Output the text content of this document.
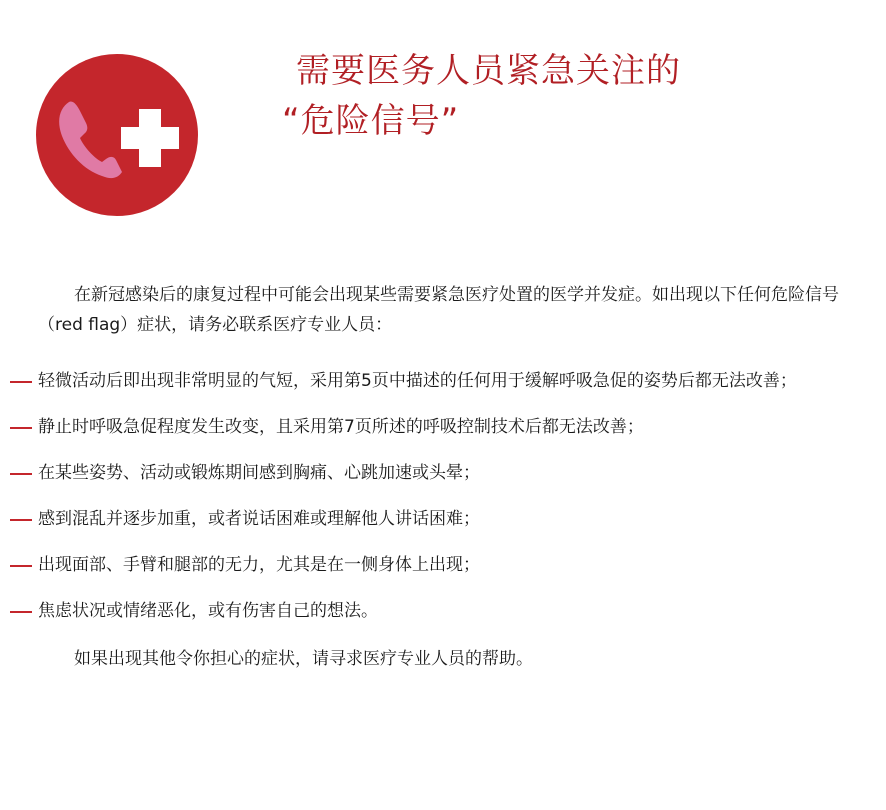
需要医务人员紧急关注的
“危险信号”
在新冠感染后的康复过程中可能会出现某些需要紧急医疗处置的医学并发症。如出现以下任何危险信号（red flag）症状，请务必联系医疗专业人员：
轻微活动后即出现非常明显的气短，采用第5页中描述的任何用于缓解呼吸急促的姿势后都无法改善；
静止时呼吸急促程度发生改变，且采用第7页所述的呼吸控制技术后都无法改善；
在某些姿势、活动或锻炼期间感到胸痛、心跳加速或头晕；
感到混乱并逐步加重，或者说话困难或理解他人讲话困难；
出现面部、手臂和腿部的无力，尤其是在一侧身体上出现；
焦虑状况或情绪恶化，或有伤害自己的想法。
如果出现其他令你担心的症状，请寻求医疗专业人员的帮助。
